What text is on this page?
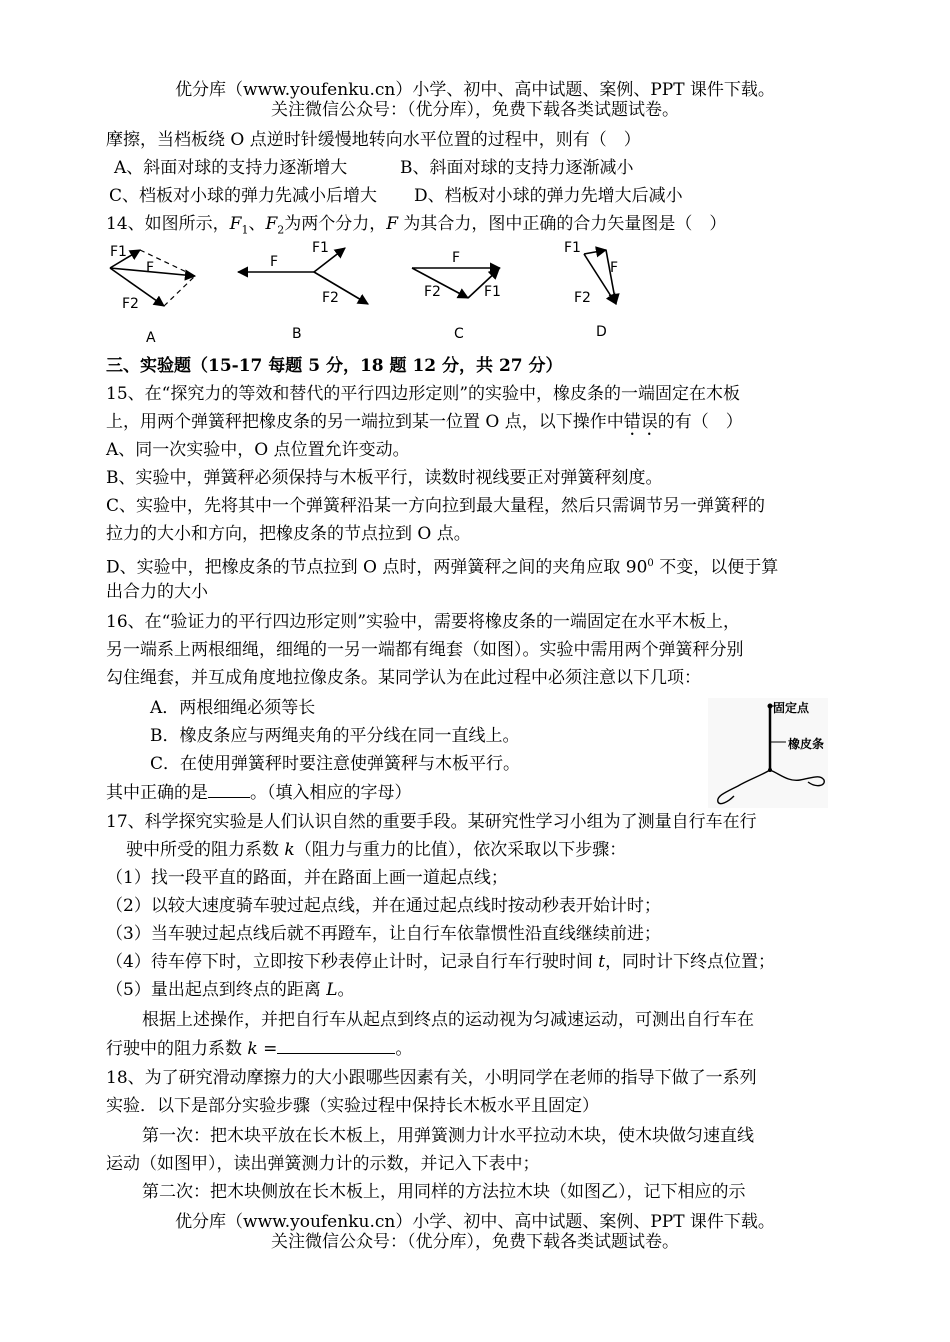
优分库（www.youfenku.cn）小学、初中、高中试题、案例、PPT 课件下载。
关注微信公众号：（优分库），免费下载各类试题试卷。
摩擦，当档板绕 O 点逆时针缓慢地转向水平位置的过程中，则有（　）
A、斜面对球的支持力逐渐增大	B、斜面对球的支持力逐渐减小
C、档板对小球的弹力先减小后增大 D、档板对小球的弹力先增大后减小
14、如图所示，$F_1$、$F_2$为两个分力，F 为其合力，图中正确的合力矢量图是（　）
F1
F
F2
A
F1
F
F2
B
F
F2	F1
C
F1
F
F2
D
三、实验题（15-17 每题 5 分，18 题 12 分，共 27 分）
15、在“探究力的等效和替代的平行四边形定则”的实验中，橡皮条的一端固定在木板
上，用两个弹簧秤把橡皮条的另一端拉到某一位置 O 点，以下操作中错误的有（　）
A、同一次实验中，O 点位置允许变动。
B、实验中，弹簧秤必须保持与木板平行，读数时视线要正对弹簧秤刻度。
C、实验中，先将其中一个弹簧秤沿某一方向拉到最大量程，然后只需调节另一弹簧秤的
拉力的大小和方向，把橡皮条的节点拉到 O 点。
D、实验中，把橡皮条的节点拉到 O 点时，两弹簧秤之间的夹角应取 $90^0$ 不变，以便于算
出合力的大小
16、在“验证力的平行四边形定则”实验中，需要将橡皮条的一端固定在水平木板上，
另一端系上两根细绳，细绳的一另一端都有绳套（如图）。实验中需用两个弹簧秤分别
勾住绳套，并互成角度地拉像皮条。某同学认为在此过程中必须注意以下几项：
A．两根细绳必须等长
B．橡皮条应与两绳夹角的平分线在同一直线上。
C．在使用弹簧秤时要注意使弹簧秤与木板平行。
其中正确的是 。（填入相应的字母）
固定点
橡皮条
17、科学探究实验是人们认识自然的重要手段。某研究性学习小组为了测量自行车在行
驶中所受的阻力系数 k（阻力与重力的比值），依次采取以下步骤：
（1）找一段平直的路面，并在路面上画一道起点线；
（2）以较大速度骑车驶过起点线，并在通过起点线时按动秒表开始计时；
（3）当车驶过起点线后就不再蹬车，让自行车依靠惯性沿直线继续前进；
（4）待车停下时，立即按下秒表停止计时，记录自行车行驶时间 t，同时计下终点位置；
（5）量出起点到终点的距离 L。
根据上述操作，并把自行车从起点到终点的运动视为匀减速运动，可测出自行车在
行驶中的阻力系数 k =	。
18、为了研究滑动摩擦力的大小跟哪些因素有关，小明同学在老师的指导下做了一系列
实验．以下是部分实验步骤（实验过程中保持长木板水平且固定）
第一次：把木块平放在长木板上，用弹簧测力计水平拉动木块，使木块做匀速直线
运动（如图甲），读出弹簧测力计的示数，并记入下表中；
第二次：把木块侧放在长木板上，用同样的方法拉木块（如图乙），记下相应的示
优分库（www.youfenku.cn）小学、初中、高中试题、案例、PPT 课件下载。
关注微信公众号：（优分库），免费下载各类试题试卷。
